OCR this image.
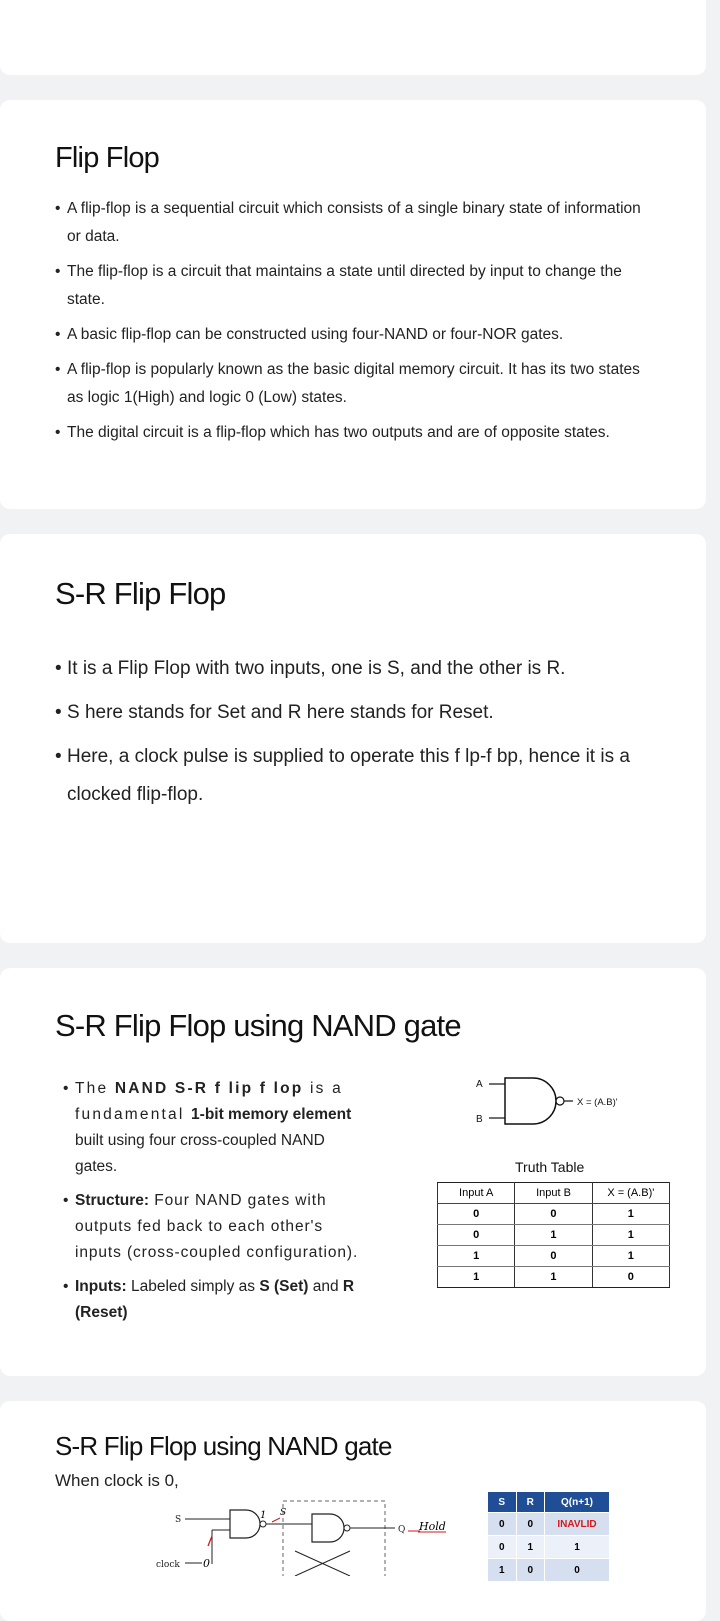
Flip Flop
• A flip-flop is a sequential circuit which consists of a single binary state of information or data.
• The flip-flop is a circuit that maintains a state until directed by input to change the state.
• A basic flip-flop can be constructed using four-NAND or four-NOR gates.
• A flip-flop is popularly known as the basic digital memory circuit. It has its two states as logic 1(High) and logic 0 (Low) states.
• The digital circuit is a flip-flop which has two outputs and are of opposite states.
S-R Flip Flop
• It is a Flip Flop with two inputs, one is S, and the other is R.
• S here stands for Set and R here stands for Reset.
• Here, a clock pulse is supplied to operate this f lp-f bp, hence it is a clocked flip-flop.
S-R Flip Flop using NAND gate
• The NAND S-R f lip f lop is a fundamental 1-bit memory element built using four cross-coupled NAND gates.
• Structure: Four NAND gates with outputs fed back to each other's inputs (cross-coupled configuration).
• Inputs: Labeled simply as S (Set) and R (Reset)
A
B
X = (A.B)'
Truth Table
Input A	Input B	X = (A.B)'
0	0	1
0	1	1
1	0	1
1	1	0
S-R Flip Flop using NAND gate

When clock is 0,

S
clock 0
1 S
Q Hold
S	R	Q(n+1)
0	0	INAVLID
0	1	1
1	0	0
